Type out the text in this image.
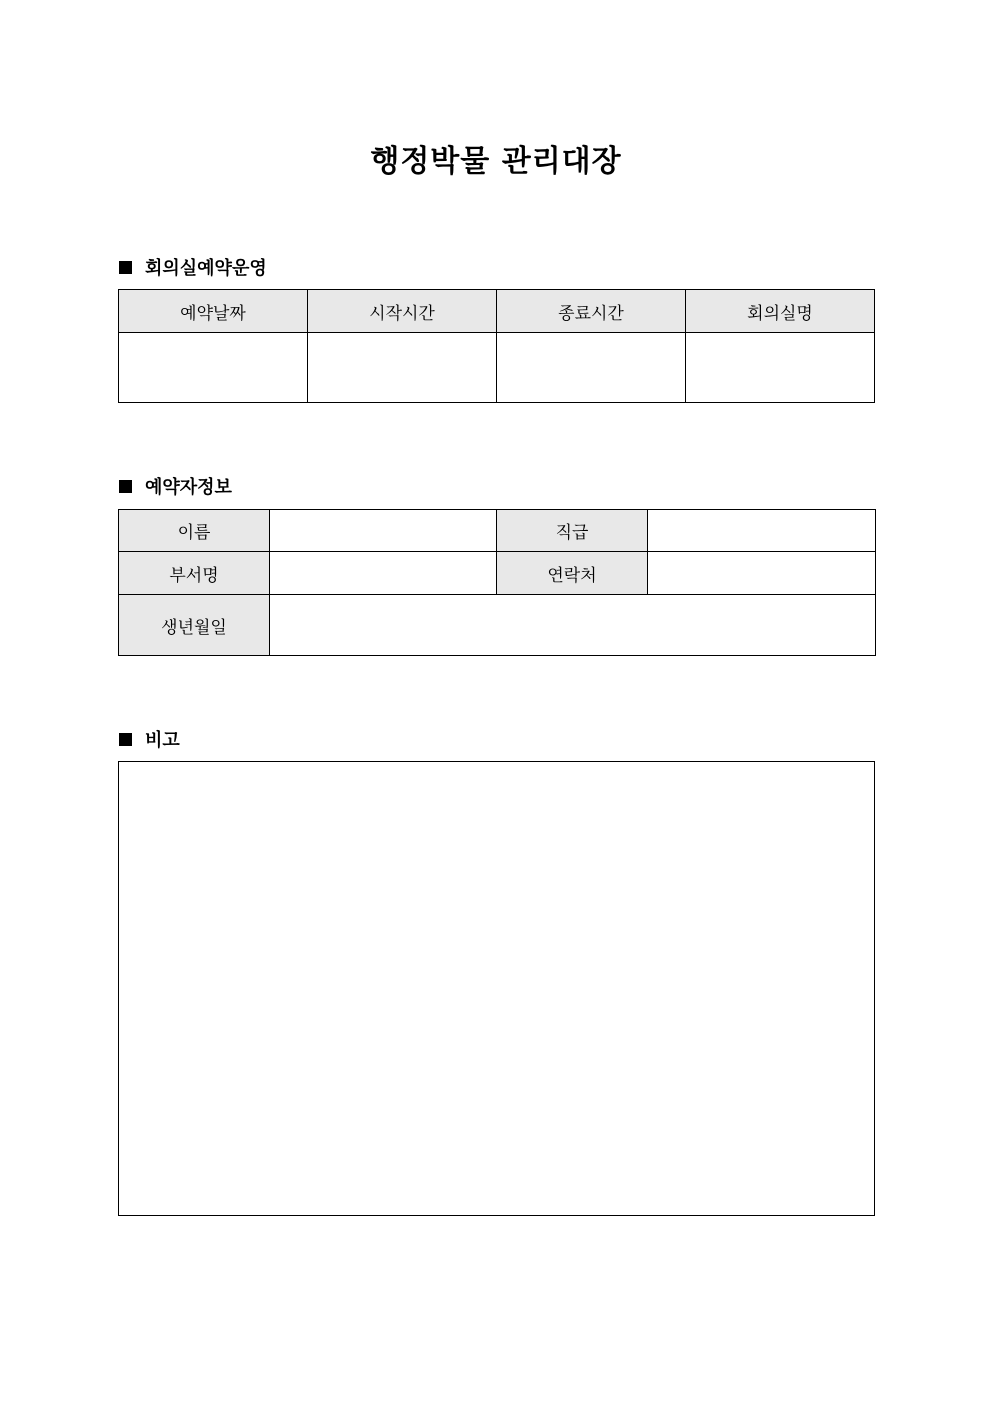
행정박물 관리대장
회의실예약운영
예약날짜	시작시간	종료시간	회의실명

예약자정보
이름		직급	
부서명		연락처	
생년월일			
비고
